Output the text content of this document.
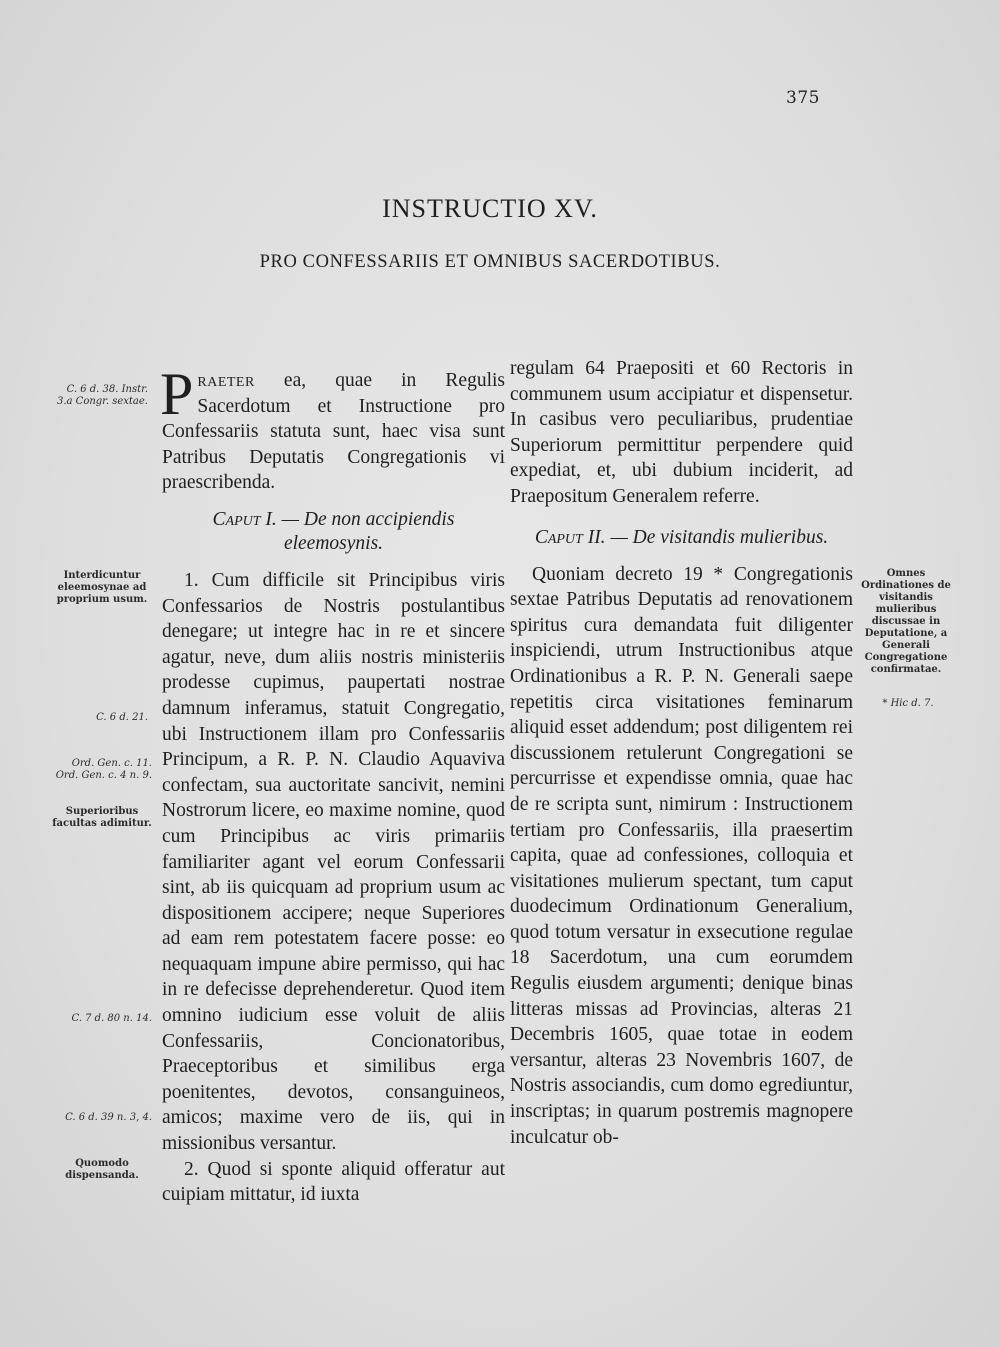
375
INSTRUCTIO XV.
PRO CONFESSARIIS ET OMNIBUS SACERDOTIBUS.
C. 6 d. 38. Instr. 3.a Congr. sextae.
Interdicuntur eleemosynae ad proprium usum.
C. 6 d. 21.
Ord. Gen. c. 11. Ord. Gen. c. 4 n. 9.
Superioribus facultas adimitur.
C. 7 d. 80 n. 14.
C. 6 d. 39 n. 3, 4.
Quomodo dispensanda.
Omnes Ordinationes de visitandis mulieribus discussae in Deputatione, a Generali Congregatione confirmatae.
* Hic d. 7.

Praeter ea, quae in Regulis Sacerdotum et Instructione pro Confessariis statuta sunt, haec visa sunt Patribus Deputatis Congregationis vi praescribenda.

Caput I. — De non accipiendis eleemosynis.

1. Cum difficile sit Principibus viris Confessarios de Nostris postulantibus denegare; ut integre hac in re et sincere agatur, neve, dum aliis nostris ministeriis prodesse cupimus, paupertati nostrae damnum inferamus, statuit Congregatio, ubi Instructionem illam pro Confessariis Principum, a R. P. N. Claudio Aquaviva confectam, sua auctoritate sancivit, nemini Nostrorum licere, eo maxime nomine, quod cum Principibus ac viris primariis familiariter agant vel eorum Confessarii sint, ab iis quicquam ad proprium usum ac dispositionem accipere; neque Superiores ad eam rem potestatem facere posse: eo nequaquam impune abire permisso, qui hac in re defecisse deprehenderetur. Quod item omnino iudicium esse voluit de aliis Confessariis, Concionatoribus, Praeceptoribus et similibus erga poenitentes, devotos, consanguineos, amicos; maxime vero de iis, qui in missionibus versantur.

2. Quod si sponte aliquid offeratur aut cuipiam mittatur, id iuxta

regulam 64 Praepositi et 60 Rectoris in communem usum accipiatur et dispensetur. In casibus vero peculiaribus, prudentiae Superiorum permittitur perpendere quid expediat, et, ubi dubium inciderit, ad Praepositum Generalem referre.

Caput II. — De visitandis mulieribus.

Quoniam decreto 19 * Congregationis sextae Patribus Deputatis ad renovationem spiritus cura demandata fuit diligenter inspiciendi, utrum Instructionibus atque Ordinationibus a R. P. N. Generali saepe repetitis circa visitationes feminarum aliquid esset addendum; post diligentem rei discussionem retulerunt Congregationi se percurrisse et expendisse omnia, quae hac de re scripta sunt, nimirum : Instructionem tertiam pro Confessariis, illa praesertim capita, quae ad confessiones, colloquia et visitationes mulierum spectant, tum caput duodecimum Ordinationum Generalium, quod totum versatur in exsecutione regulae 18 Sacerdotum, una cum eorumdem Regulis eiusdem argumenti; denique binas litteras missas ad Provincias, alteras 21 Decembris 1605, quae totae in eodem versantur, alteras 23 Novembris 1607, de Nostris associandis, cum domo egrediuntur, inscriptas; in quarum postremis magnopere inculcatur ob-
